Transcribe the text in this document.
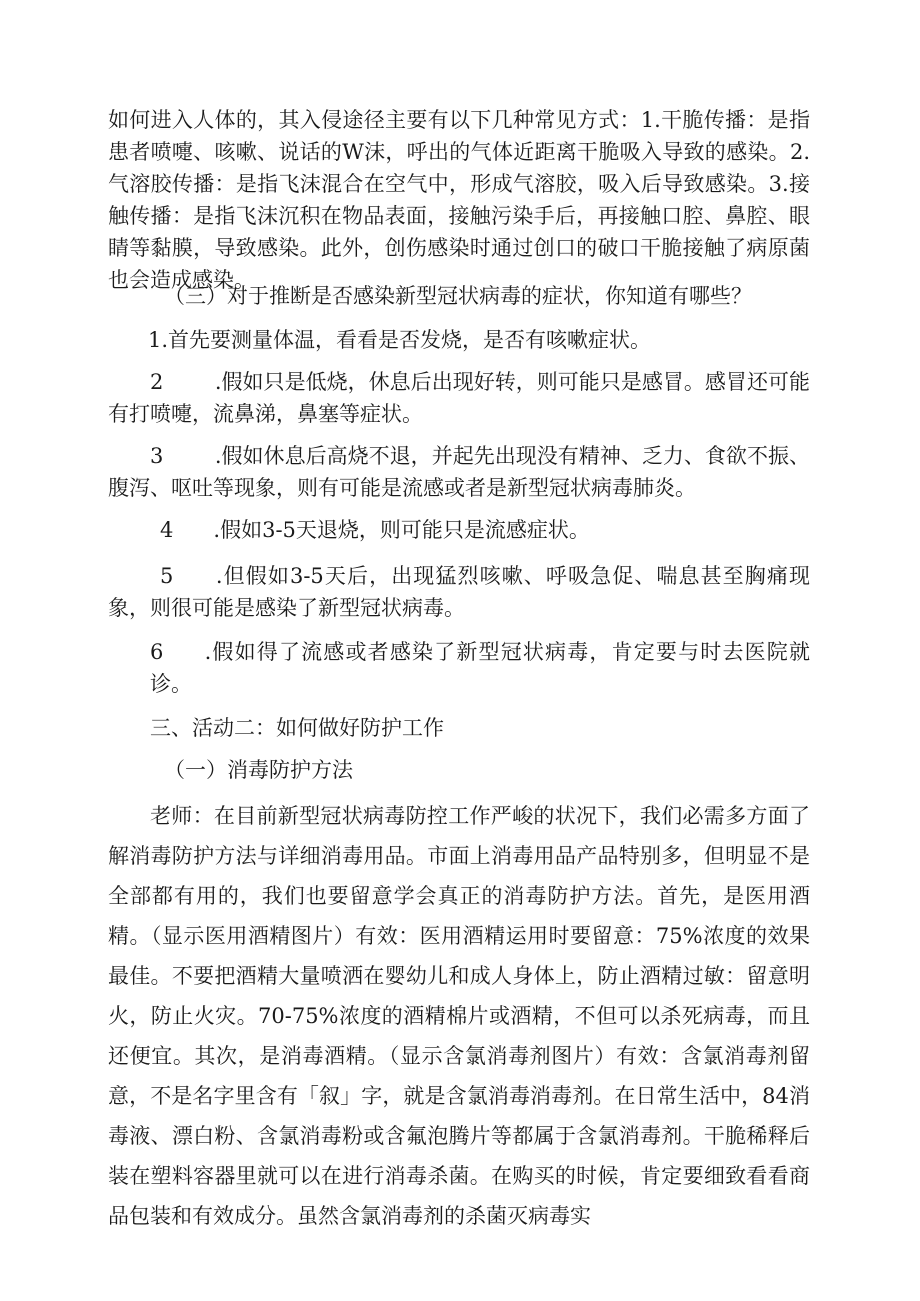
如何进入人体的，其入侵途径主要有以下几种常见方式：1.干脆传播：是指患者喷嚏、咳嗽、说话的W沫，呼出的气体近距离干脆吸入导致的感染。2.气溶胶传播：是指飞沫混合在空气中，形成气溶胶，吸入后导致感染。3.接触传播：是指飞沫沉积在物品表面，接触污染手后，再接触口腔、鼻腔、眼睛等黏膜，导致感染。此外，创伤感染时通过创口的破口干脆接触了病原菌也会造成感染。

（三）对于推断是否感染新型冠状病毒的症状，你知道有哪些？

1.首先要测量体温，看看是否发烧，是否有咳嗽症状。

2	.假如只是低烧，休息后出现好转，则可能只是感冒。感冒还可能有打喷嚏，流鼻涕，鼻塞等症状。

3	.假如休息后高烧不退，并起先出现没有精神、乏力、食欲不振、腹泻、呕吐等现象，则有可能是流感或者是新型冠状病毒肺炎。

4	.假如3-5天退烧，则可能只是流感症状。

5	.但假如3-5天后，出现猛烈咳嗽、呼吸急促、喘息甚至胸痛现象，则很可能是感染了新型冠状病毒。

6	.假如得了流感或者感染了新型冠状病毒，肯定要与时去医院就诊。

三、活动二：如何做好防护工作

（一）消毒防护方法

老师：在目前新型冠状病毒防控工作严峻的状况下，我们必需多方面了解消毒防护方法与详细消毒用品。市面上消毒用品产品特别多，但明显不是全部都有用的，我们也要留意学会真正的消毒防护方法。首先，是医用酒精。（显示医用酒精图片）有效：医用酒精运用时要留意：75%浓度的效果最佳。不要把酒精大量喷洒在婴幼儿和成人身体上，防止酒精过敏：留意明火，防止火灾。70-75%浓度的酒精棉片或酒精，不但可以杀死病毒，而且还便宜。其次，是消毒酒精。（显示含氯消毒剂图片）有效：含氯消毒剂留意，不是名字里含有「叙」字，就是含氯消毒消毒剂。在日常生活中，84消毒液、漂白粉、含氯消毒粉或含氟泡腾片等都属于含氯消毒剂。干脆稀释后装在塑料容器里就可以在进行消毒杀菌。在购买的时候，肯定要细致看看商品包装和有效成分。虽然含氯消毒剂的杀菌灭病毒实
